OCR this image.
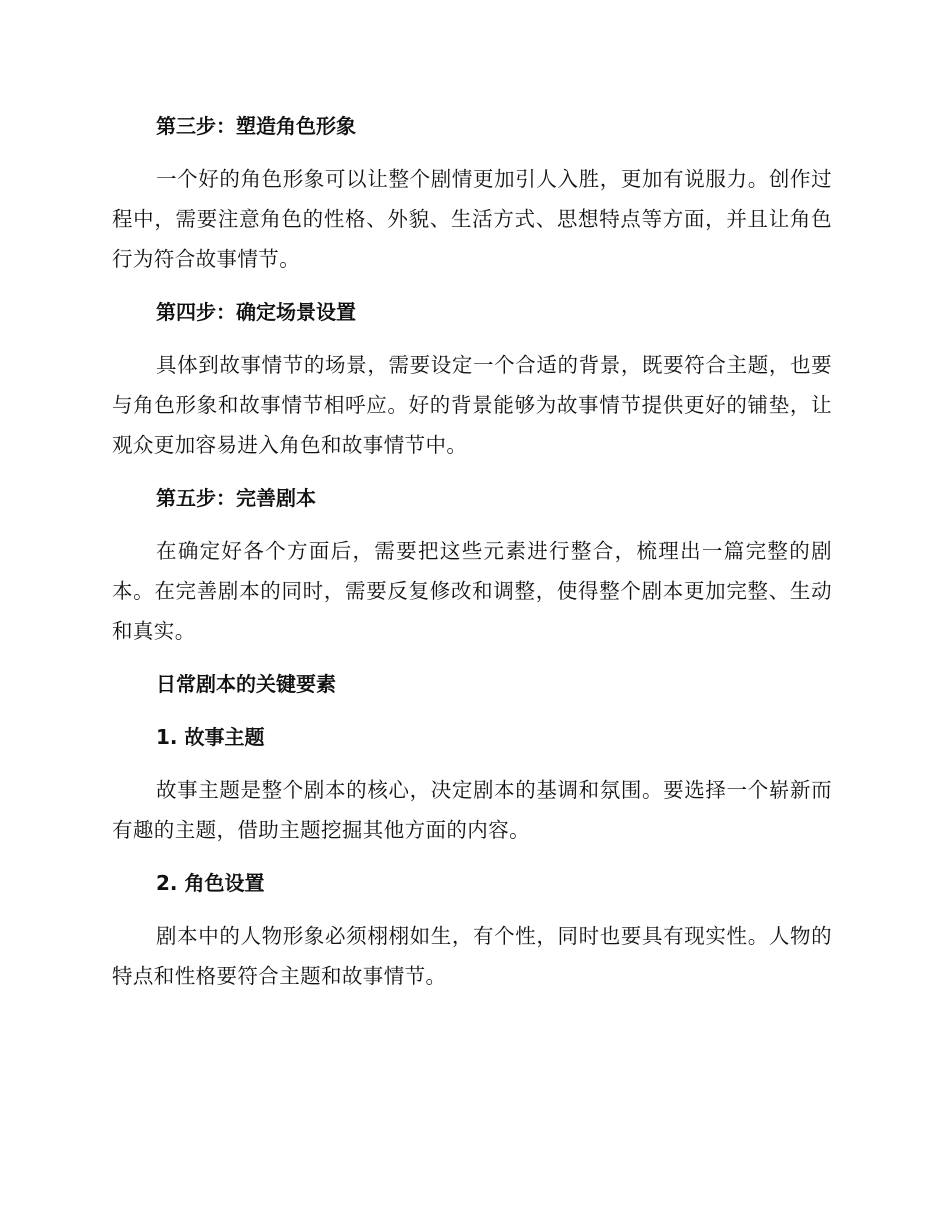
第三步：塑造角色形象

一个好的角色形象可以让整个剧情更加引人入胜，更加有说服力。创作过程中，需要注意角色的性格、外貌、生活方式、思想特点等方面，并且让角色行为符合故事情节。

第四步：确定场景设置

具体到故事情节的场景，需要设定一个合适的背景，既要符合主题，也要与角色形象和故事情节相呼应。好的背景能够为故事情节提供更好的铺垫，让观众更加容易进入角色和故事情节中。

第五步：完善剧本

在确定好各个方面后，需要把这些元素进行整合，梳理出一篇完整的剧本。在完善剧本的同时，需要反复修改和调整，使得整个剧本更加完整、生动和真实。

日常剧本的关键要素
1. 故事主题

故事主题是整个剧本的核心，决定剧本的基调和氛围。要选择一个崭新而有趣的主题，借助主题挖掘其他方面的内容。

2. 角色设置

剧本中的人物形象必须栩栩如生，有个性，同时也要具有现实性。人物的特点和性格要符合主题和故事情节。
